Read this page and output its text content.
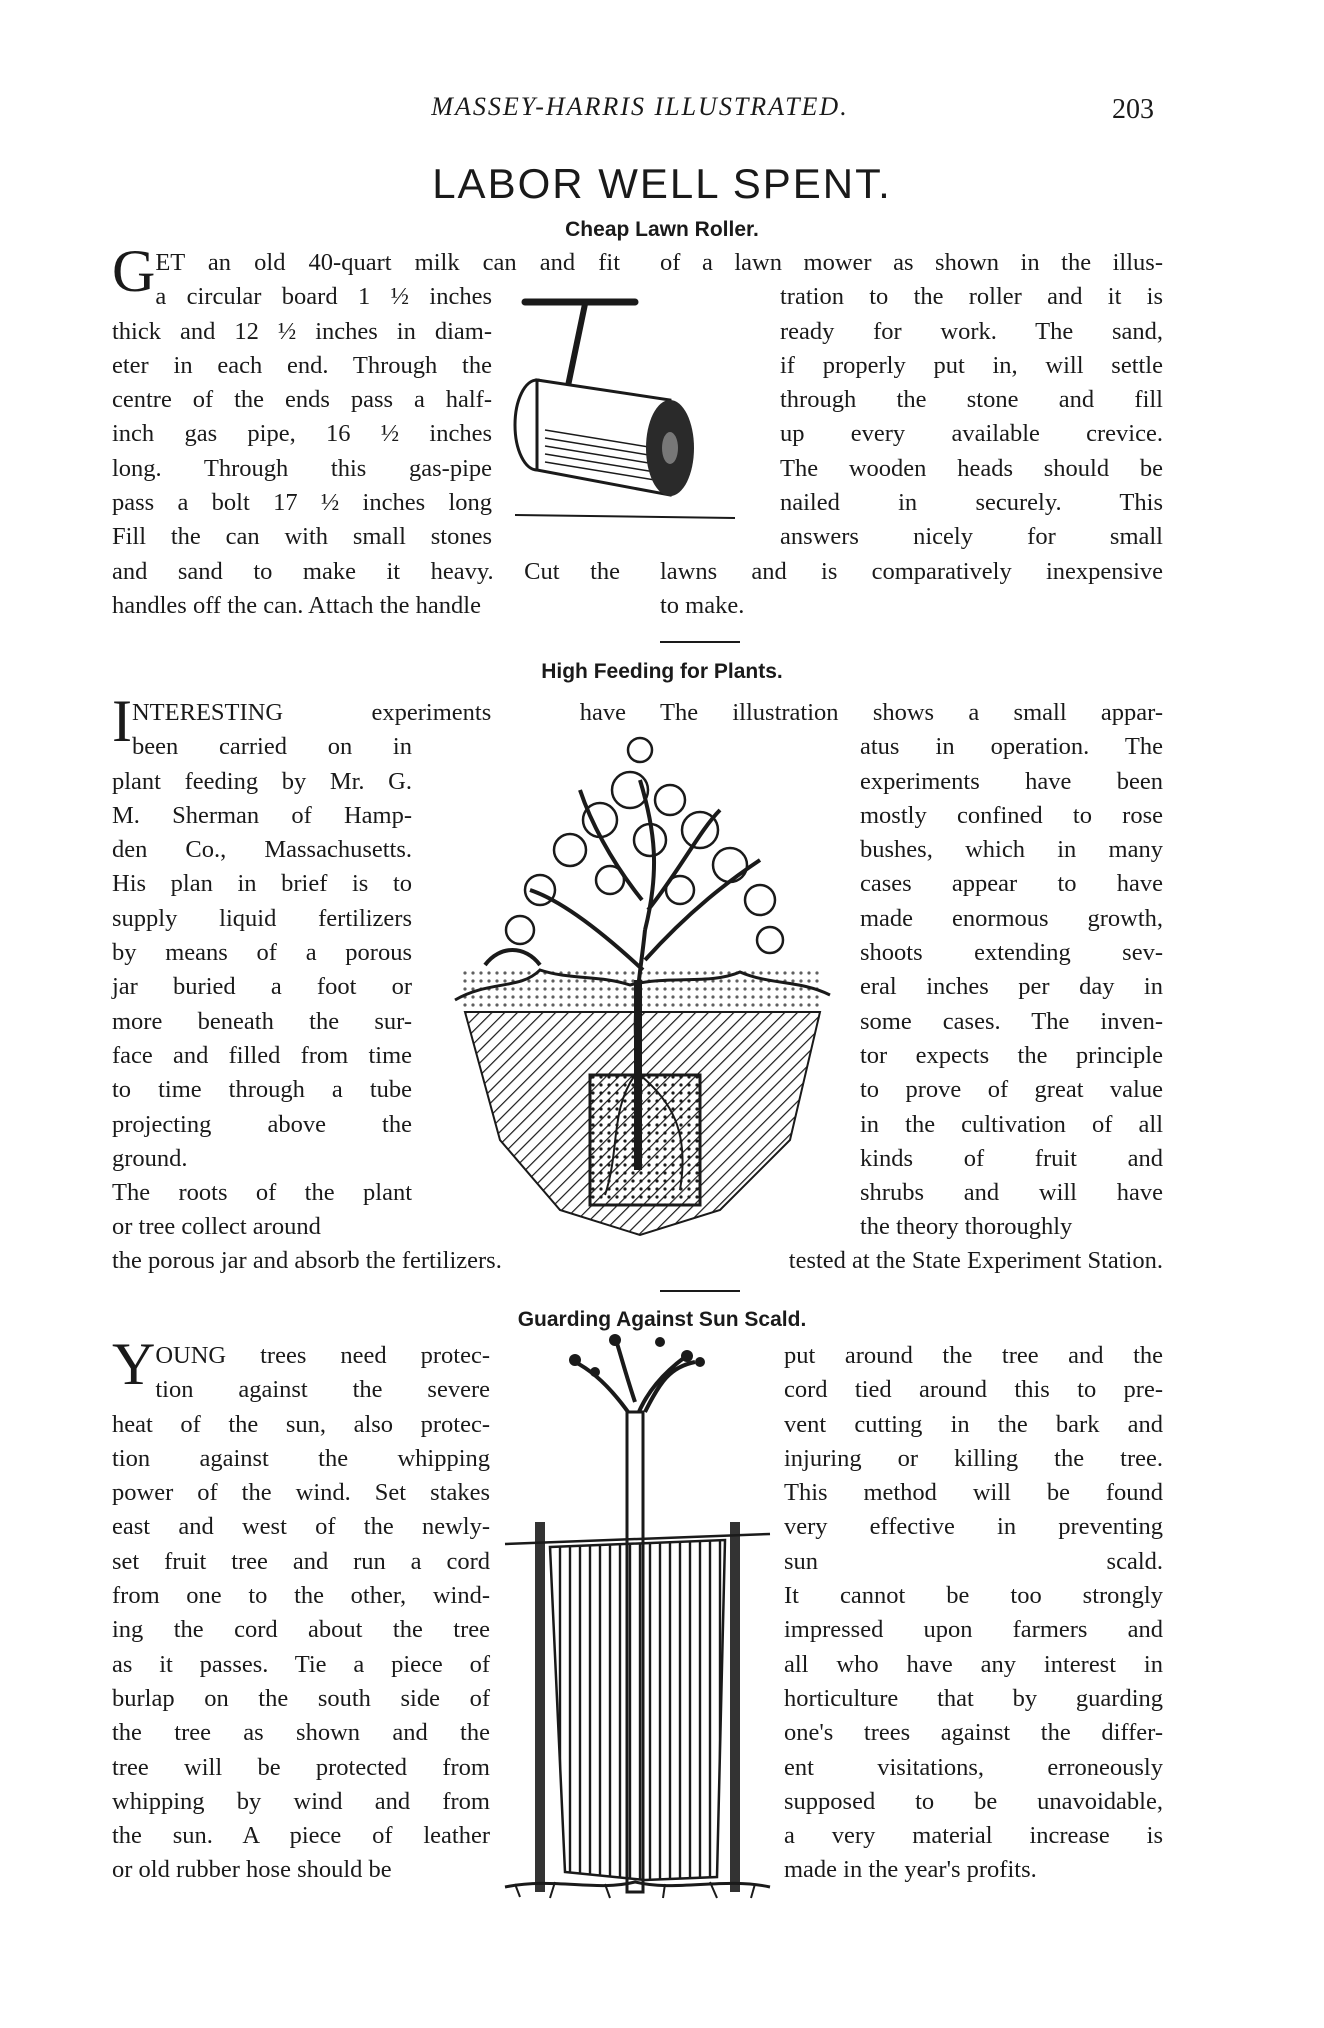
MASSEY-HARRIS ILLUSTRATED.	203
LABOR WELL SPENT.
Cheap Lawn Roller.
G ET an old 40-quart milk can and fit
a circular board 1 ½ inches
thick and 12 ½ inches in diam-
eter in each end. Through the
centre of the ends pass a half-
inch gas pipe, 16 ½ inches
long. Through this gas-pipe
pass a bolt 17 ½ inches long
Fill the can with small stones
and sand to make it heavy. Cut the
handles off the can. Attach the handle
of a lawn mower as shown in the illus-
tration to the roller and it is
ready for work. The sand,
if properly put in, will settle
through the stone and fill
up every available crevice.
The wooden heads should be
nailed in securely. This
answers nicely for small
lawns and is comparatively inexpensive
to make.
High Feeding for Plants.
I NTERESTING experiments have
been carried on in
plant feeding by Mr. G.
M. Sherman of Hamp-
den Co., Massachusetts.
His plan in brief is to
supply liquid fertilizers
by means of a porous
jar buried a foot or
more beneath the sur-
face and filled from time
to time through a tube
projecting above the
ground.
The roots of the plant
or tree collect around
The illustration shows a small appar-
atus in operation. The
experiments have been
mostly confined to rose
bushes, which in many
cases appear to have
made enormous growth,
shoots extending sev-
eral inches per day in
some cases. The inven-
tor expects the principle
to prove of great value
in the cultivation of all
kinds of fruit and
shrubs and will have
the theory thoroughly
the porous jar and absorb the fertilizers.	tested at the State Experiment Station.
Guarding Against Sun Scald.
Y OUNG trees need protec-
tion against the severe
heat of the sun, also protec-
tion against the whipping
power of the wind. Set stakes
east and west of the newly-
set fruit tree and run a cord
from one to the other, wind-
ing the cord about the tree
as it passes. Tie a piece of
burlap on the south side of
the tree as shown and the
tree will be protected from
whipping by wind and from
the sun. A piece of leather
or old rubber hose should be
put around the tree and the
cord tied around this to pre-
vent cutting in the bark and
injuring or killing the tree.
This method will be found
very effective in preventing
sun scald.
It cannot be too strongly
impressed upon farmers and
all who have any interest in
horticulture that by guarding
one's trees against the differ-
ent visitations, erroneously
supposed to be unavoidable,
a very material increase is
made in the year's profits.
